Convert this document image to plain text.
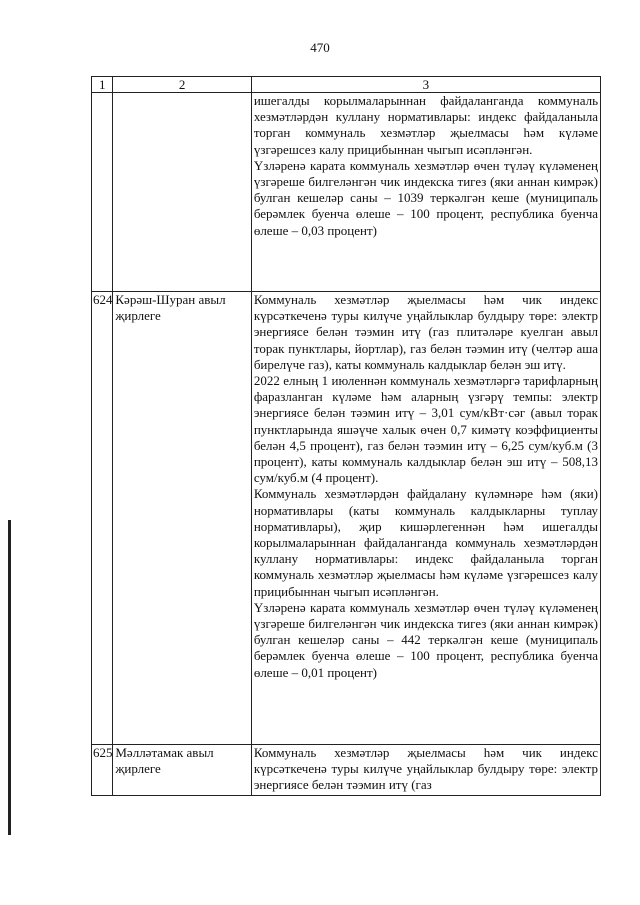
470
1	2	3

		ишегалды корылмаларыннан файдаланганда коммуналь хезмәтләрдән куллану нормативлары: индекс файдаланыла торган коммуналь хезмәтләр җыелмасы һәм күләме үзгәрешсез калу прицибыннан чыгып исәпләнгән.

Үзләренә карата коммуналь хезмәтләр өчен түләү күләменең үзгәреше билгеләнгән чик индекска тигез (яки аннан кимрәк) булган кешеләр саны – 1039 теркәлгән кеше (муниципаль берәмлек буенча өлеше – 100 процент, республика буенча өлеше – 0,03 процент)

624	Кәрәш-Шуран авыл җирлеге	Коммуналь хезмәтләр җыелмасы һәм чик индекс күрсәткеченә туры килүче уңайлыклар булдыру төре: электр энергиясе белән тәэмин итү (газ плитәләре куелган авыл торак пунктлары, йортлар), газ белән тәэмин итү (челтәр аша бирелүче газ), каты коммуналь калдыклар белән эш итү.

2022 елның 1 июленнән коммуналь хезмәтләргә тарифларның фаразланган күләме һәм аларның үзгәрү темпы: электр энергиясе белән тәэмин итү – 3,01 сум/кВт·сәг (авыл торак пунктларында яшәүче халык өчен 0,7 кимәтү коэффициенты белән 4,5 процент), газ белән тәэмин итү – 6,25 сум/куб.м (3 процент), каты коммуналь калдыклар белән эш итү – 508,13 сум/куб.м (4 процент).

Коммуналь хезмәтләрдән файдалану күләмнәре һәм (яки) нормативлары (каты коммуналь калдыкларны туплау нормативлары), җир кишәрлегеннән һәм ишегалды корылмаларыннан файдаланганда коммуналь хезмәтләрдән куллану нормативлары: индекс файдаланыла торган коммуналь хезмәтләр җыелмасы һәм күләме үзгәрешсез калу прицибыннан чыгып исәпләнгән.

Үзләренә карата коммуналь хезмәтләр өчен түләү күләменең үзгәреше билгеләнгән чик индекска тигез (яки аннан кимрәк) булган кешеләр саны – 442 теркәлгән кеше (муниципаль берәмлек буенча өлеше – 100 процент, республика буенча өлеше – 0,01 процент)

625	Мәлләтамак авыл җирлеге	Коммуналь хезмәтләр җыелмасы һәм чик индекс күрсәткеченә туры килүче уңайлыклар булдыру төре: электр энергиясе белән тәэмин итү (газ
